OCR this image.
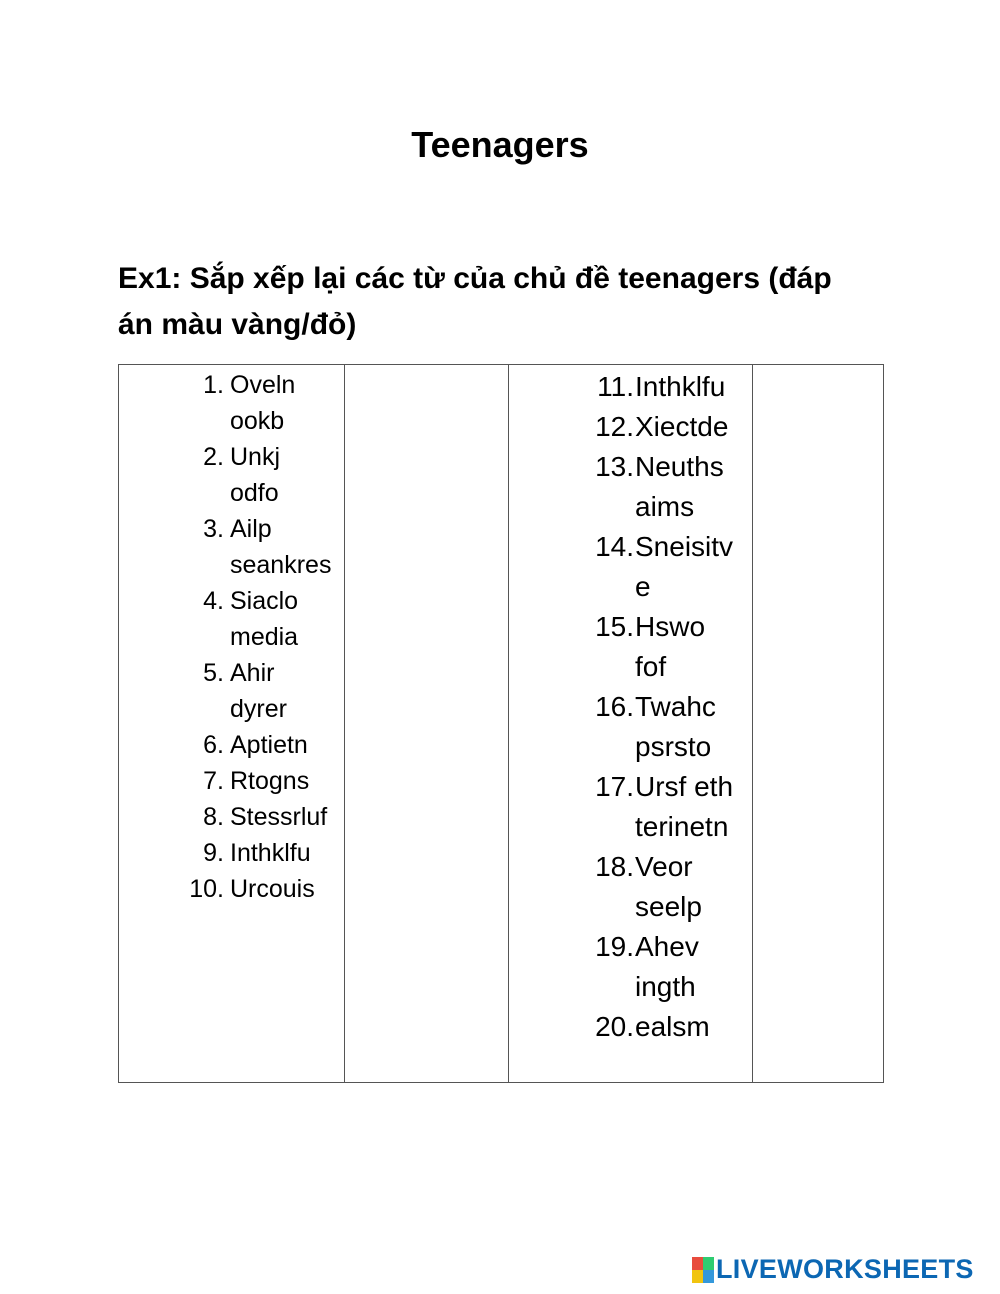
Teenagers
Ex1: Sắp xếp lại các từ của chủ đề teenagers (đáp
án màu vàng/đỏ)
1. Oveln
ookb
2. Unkj
odfo
3. Ailp
seankres
4. Siaclo
media
5. Ahir
dyrer
6. Aptietn
7. Rtogns
8. Stessrluf
9. Inthklfu
10. Urcouis

11. Inthklfu
12. Xiectde
13. Neuths
aims
14. Sneisitv
e
15. Hswo
fof
16. Twahc
psrsto
17. Ursf eth
terinetn
18. Veor
seelp
19. Ahev
ingth
20. ealsm

LIVEWORKSHEETS
